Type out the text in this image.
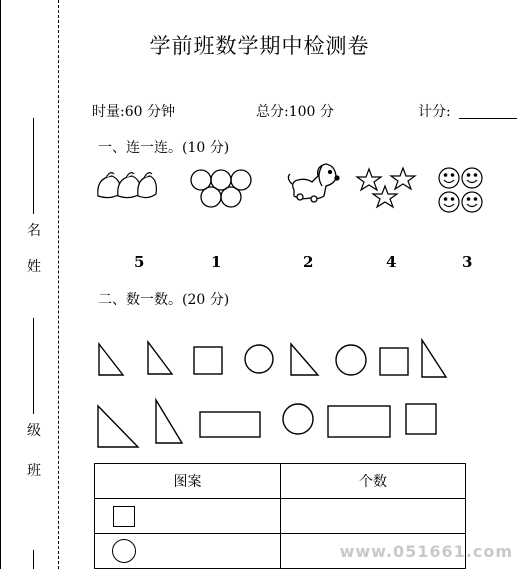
姓
名
班
级
学前班数学期中检测卷
时量:60 分钟	总分:100 分	计分:
一、连一连。(10 分)
5	1	2	4	3
二、数一数。(20 分)
图案	个数

www.051661.com
